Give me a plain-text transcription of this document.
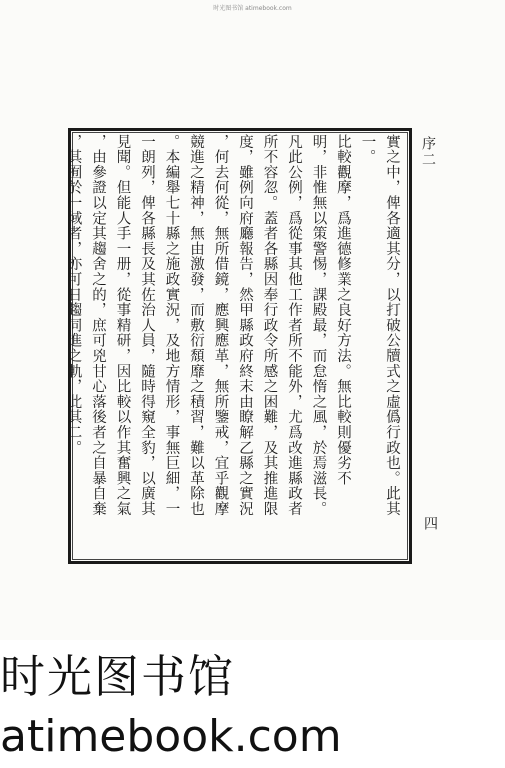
时光图书馆 atimebook.com
序二
四
實之中，俾各適其分，以打破公牘式之虛僞行政也。此其
一。
比較觀摩，爲進德修業之良好方法。無比較則優劣不
明，非惟無以策警惕，課殿最，而怠惰之風，於焉滋長。
凡此公例，爲從事其他工作者所不能外，尤爲改進縣政者
所不容忽。蓋者各縣因奉行政令所感之困難，及其推進限
度，雖例向府廳報告，然甲縣政府終末由瞭解乙縣之實況
，何去何從，無所借鏡，應興應革，無所鑒戒，宜乎觀摩
競進之精神，無由激發，而敷衍頹靡之積習，難以革除也
。本編舉七十縣之施政實況，及地方情形，事無巨細，一
一朗列，俾各縣長及其佐治人員，隨時得窺全豹，以廣其
見聞。但能人手一册，從事精研，因比較以作其奮興之氣
，由參證以定其趨舍之的，庶可兇甘心落後者之自暴自棄
，其囿於一域者，亦可日趨同進之軌，此其二。
时光图书馆
atimebook.com
